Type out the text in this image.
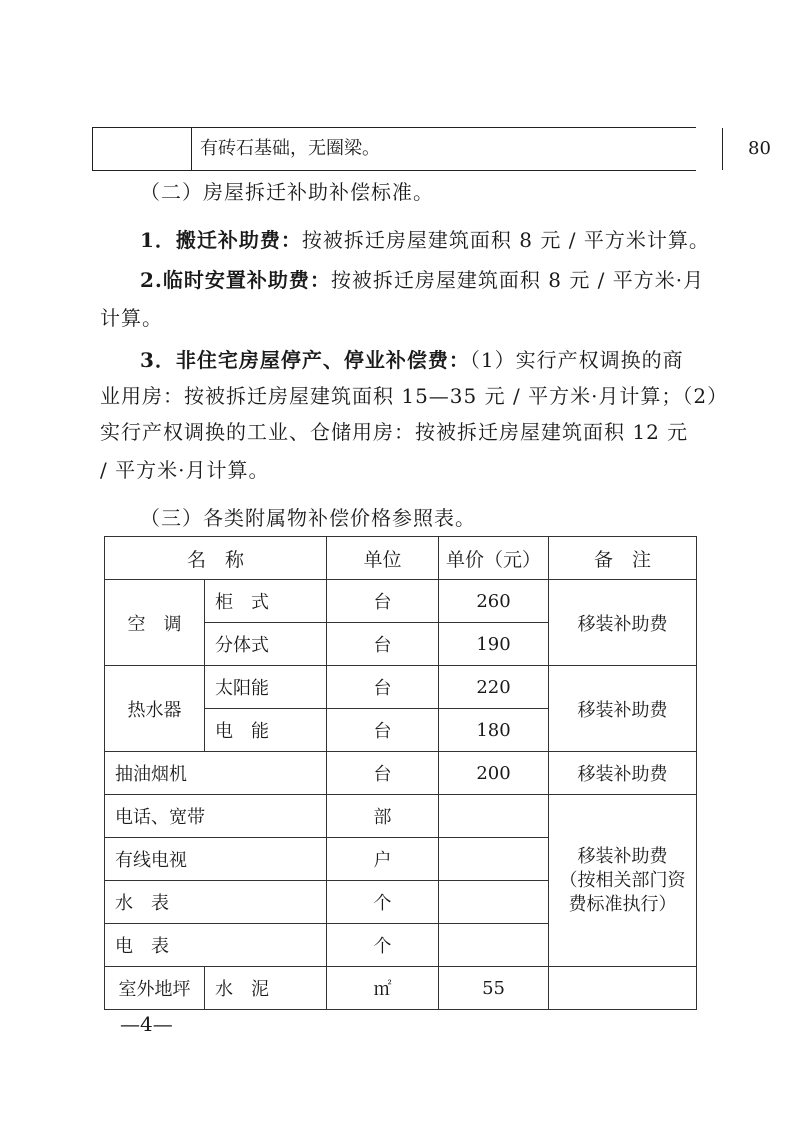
有砖石基础，无圈梁。	80
（二）房屋拆迁补助补偿标准。
1．搬迁补助费：按被拆迁房屋建筑面积 8 元 / 平方米计算。
2.临时安置补助费：按被拆迁房屋建筑面积 8 元 / 平方米·月
计算。
3．非住宅房屋停产、停业补偿费：（1）实行产权调换的商
业用房：按被拆迁房屋建筑面积 15—35 元 / 平方米·月计算；（2）
实行产权调换的工业、仓储用房：按被拆迁房屋建筑面积 12 元
/ 平方米·月计算。
（三）各类附属物补偿价格参照表。
名　称		单位	单价（元）	备　注
空　调	柜　式	台	260	移装补助费
	分体式	台	190	
热水器	太阳能	台	220	移装补助费
	电　能	台	180	
抽油烟机		台	200	移装补助费
电话、宽带		部		移装补助费
（按相关部门资
费标准执行）

有线电视		户		
水　表		个		
电　表		个		
室外地坪	水　泥	㎡	55	
—4—
